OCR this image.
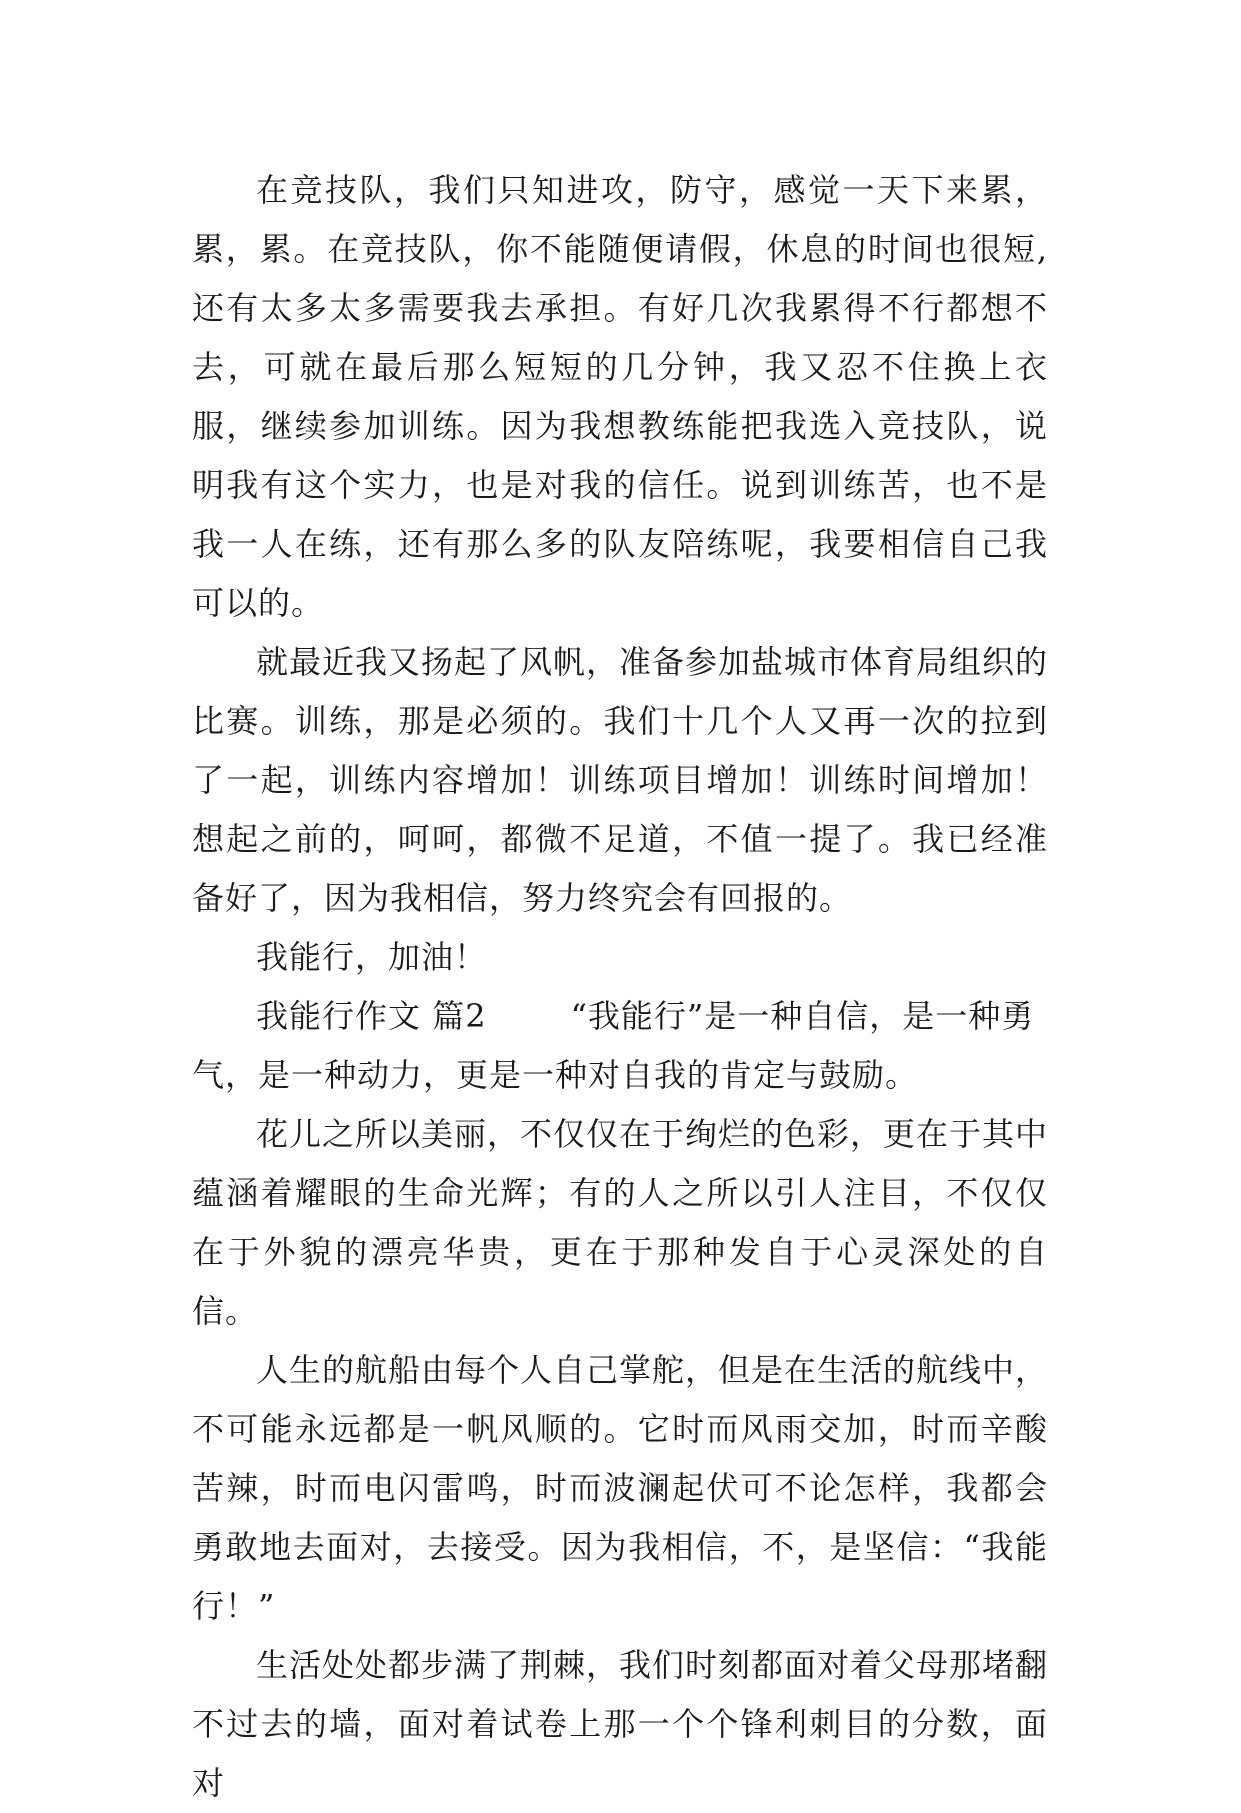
在竞技队，我们只知进攻，防守，感觉一天下来累，累，累。在竞技队，你不能随便请假，休息的时间也很短,还有太多太多需要我去承担。有好几次我累得不行都想不去，可就在最后那么短短的几分钟，我又忍不住换上衣服，继续参加训练。因为我想教练能把我选入竞技队，说明我有这个实力，也是对我的信任。说到训练苦，也不是我一人在练，还有那么多的队友陪练呢，我要相信自己我可以的。

就最近我又扬起了风帆，准备参加盐城市体育局组织的比赛。训练，那是必须的。我们十几个人又再一次的拉到了一起，训练内容增加！训练项目增加！训练时间增加！想起之前的，呵呵，都微不足道，不值一提了。我已经准备好了，因为我相信，努力终究会有回报的。

我能行，加油！

我能行作文 篇2	“我能行”是一种自信，是一种勇气，是一种动力，更是一种对自我的肯定与鼓励。

花儿之所以美丽，不仅仅在于绚烂的色彩，更在于其中蕴涵着耀眼的生命光辉；有的人之所以引人注目，不仅仅在于外貌的漂亮华贵，更在于那种发自于心灵深处的自信。

人生的航船由每个人自己掌舵，但是在生活的航线中，不可能永远都是一帆风顺的。它时而风雨交加，时而辛酸苦辣，时而电闪雷鸣，时而波澜起伏可不论怎样，我都会勇敢地去面对，去接受。因为我相信，不，是坚信：“我能行！”

生活处处都步满了荆棘，我们时刻都面对着父母那堵翻不过去的墙，面对着试卷上那一个个锋利刺目的分数，面对
